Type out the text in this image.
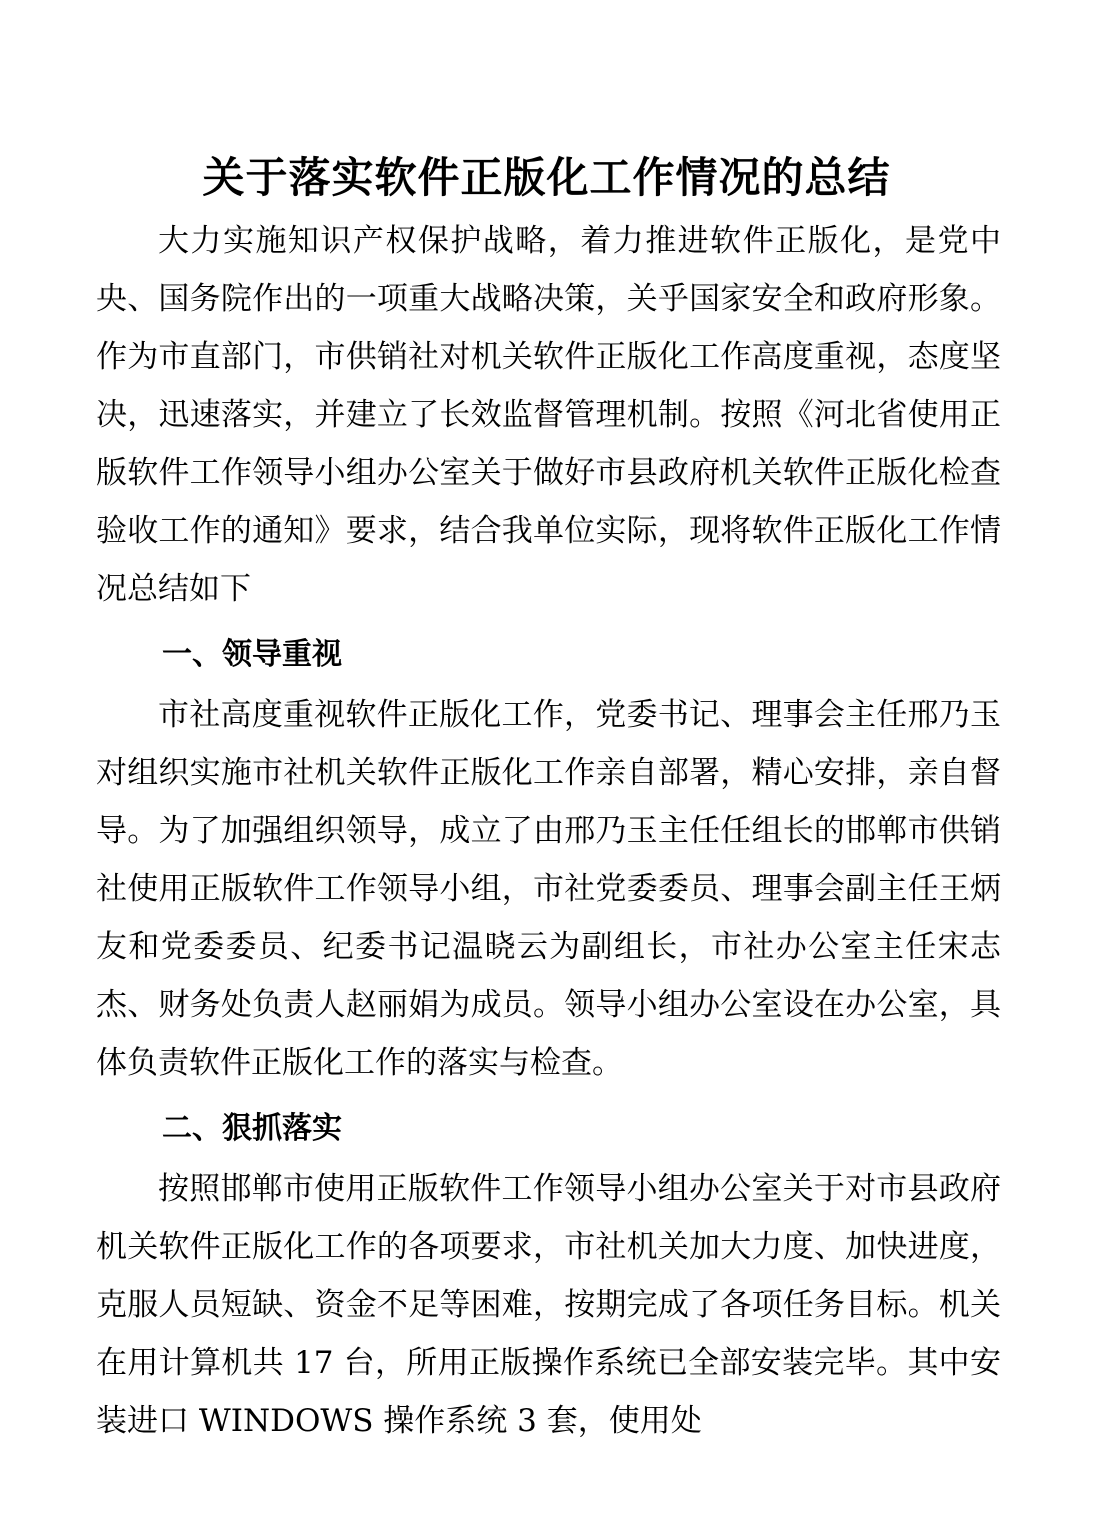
关于落实软件正版化工作情况的总结

大力实施知识产权保护战略，着力推进软件正版化，是党中央、国务院作出的一项重大战略决策，关乎国家安全和政府形象。作为市直部门，市供销社对机关软件正版化工作高度重视，态度坚决，迅速落实，并建立了长效监督管理机制。按照《河北省使用正版软件工作领导小组办公室关于做好市县政府机关软件正版化检查验收工作的通知》要求，结合我单位实际，现将软件正版化工作情况总结如下

一、领导重视

市社高度重视软件正版化工作，党委书记、理事会主任邢乃玉对组织实施市社机关软件正版化工作亲自部署，精心安排，亲自督导。为了加强组织领导，成立了由邢乃玉主任任组长的邯郸市供销社使用正版软件工作领导小组，市社党委委员、理事会副主任王炳友和党委委员、纪委书记温晓云为副组长，市社办公室主任宋志杰、财务处负责人赵丽娟为成员。领导小组办公室设在办公室，具体负责软件正版化工作的落实与检查。

二、狠抓落实

按照邯郸市使用正版软件工作领导小组办公室关于对市县政府机关软件正版化工作的各项要求，市社机关加大力度、加快进度，克服人员短缺、资金不足等困难，按期完成了各项任务目标。机关在用计算机共 17 台，所用正版操作系统已全部安装完毕。其中安装进口 WINDOWS 操作系统 3 套，使用处
